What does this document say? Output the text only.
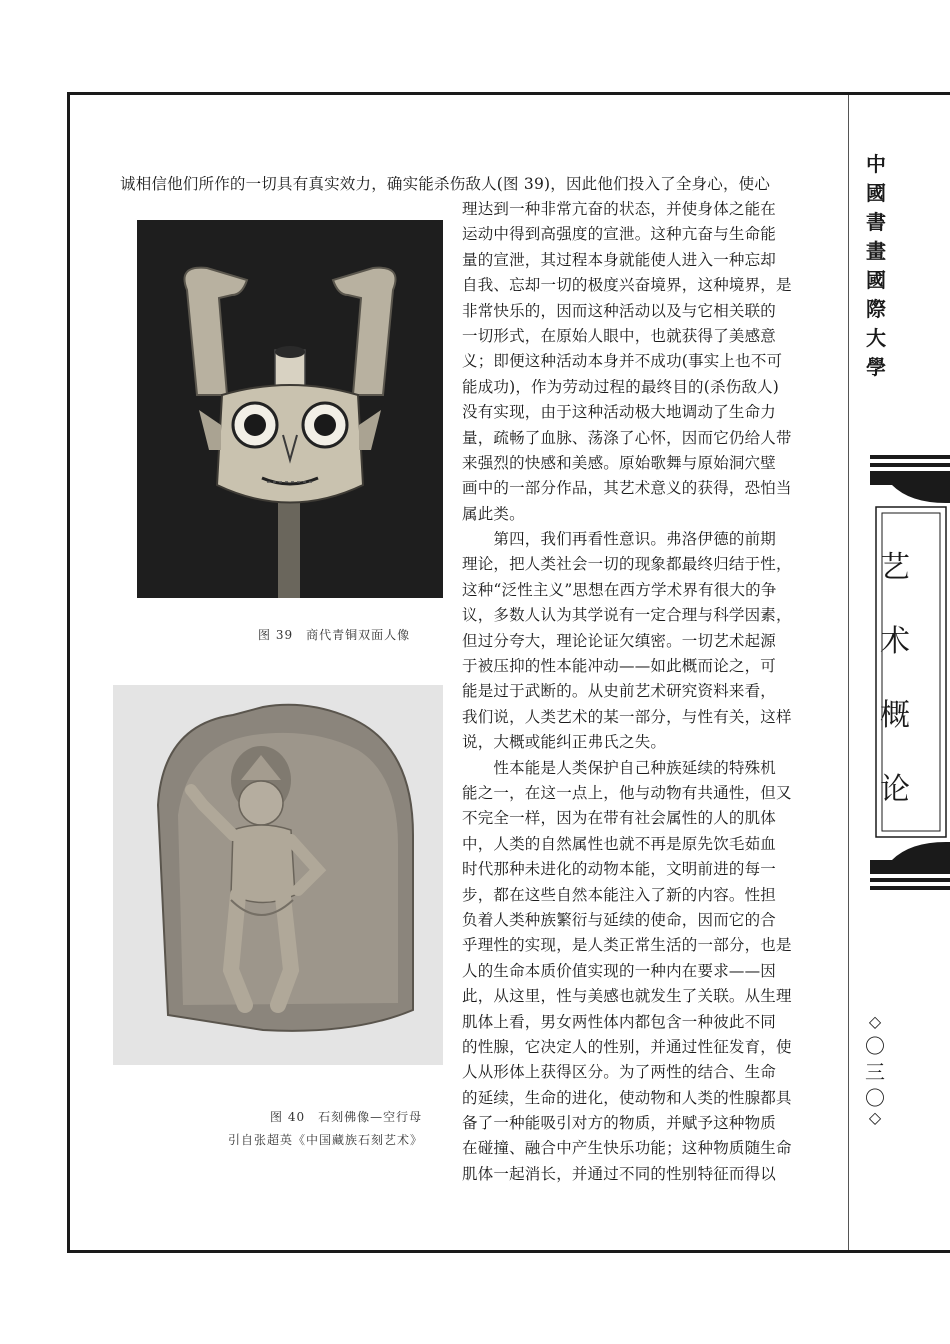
中
國
書
畫
國
際
大
學
艺
术
概
论
◇
〇
三
〇
◇
诚相信他们所作的一切具有真实效力，确实能杀伤敌人(图 39)，因此他们投入了全身心，使心
理达到一种非常亢奋的状态，并使身体之能在
运动中得到高强度的宣泄。这种亢奋与生命能
量的宣泄，其过程本身就能使人进入一种忘却
自我、忘却一切的极度兴奋境界，这种境界，是
非常快乐的，因而这种活动以及与它相关联的
一切形式，在原始人眼中，也就获得了美感意
义；即便这种活动本身并不成功(事实上也不可
能成功)，作为劳动过程的最终目的(杀伤敌人)
没有实现，由于这种活动极大地调动了生命力
量，疏畅了血脉、荡涤了心怀，因而它仍给人带
来强烈的快感和美感。原始歌舞与原始洞穴壁
画中的一部分作品，其艺术意义的获得，恐怕当
属此类。
　　第四，我们再看性意识。弗洛伊德的前期
理论，把人类社会一切的现象都最终归结于性，
这种“泛性主义”思想在西方学术界有很大的争
议，多数人认为其学说有一定合理与科学因素，
但过分夸大，理论论证欠缜密。一切艺术起源
于被压抑的性本能冲动——如此概而论之，可
能是过于武断的。从史前艺术研究资料来看，
我们说，人类艺术的某一部分，与性有关，这样
说，大概或能纠正弗氏之失。
　　性本能是人类保护自己种族延续的特殊机
能之一，在这一点上，他与动物有共通性，但又
不完全一样，因为在带有社会属性的人的肌体
中，人类的自然属性也就不再是原先饮毛茹血
时代那种未进化的动物本能，文明前进的每一
步，都在这些自然本能注入了新的内容。性担
负着人类种族繁衍与延续的使命，因而它的合
乎理性的实现，是人类正常生活的一部分，也是
人的生命本质价值实现的一种内在要求——因
此，从这里，性与美感也就发生了关联。从生理
肌体上看，男女两性体内都包含一种彼此不同
的性腺，它决定人的性别，并通过性征发育，使
人从形体上获得区分。为了两性的结合、生命
的延续，生命的进化，使动物和人类的性腺都具
备了一种能吸引对方的物质，并赋予这种物质
在碰撞、融合中产生快乐功能；这种物质随生命
肌体一起消长，并通过不同的性别特征而得以
图 39　商代青铜双面人像
图 40　石刻佛像—空行母
引自张超英《中国藏族石刻艺术》
